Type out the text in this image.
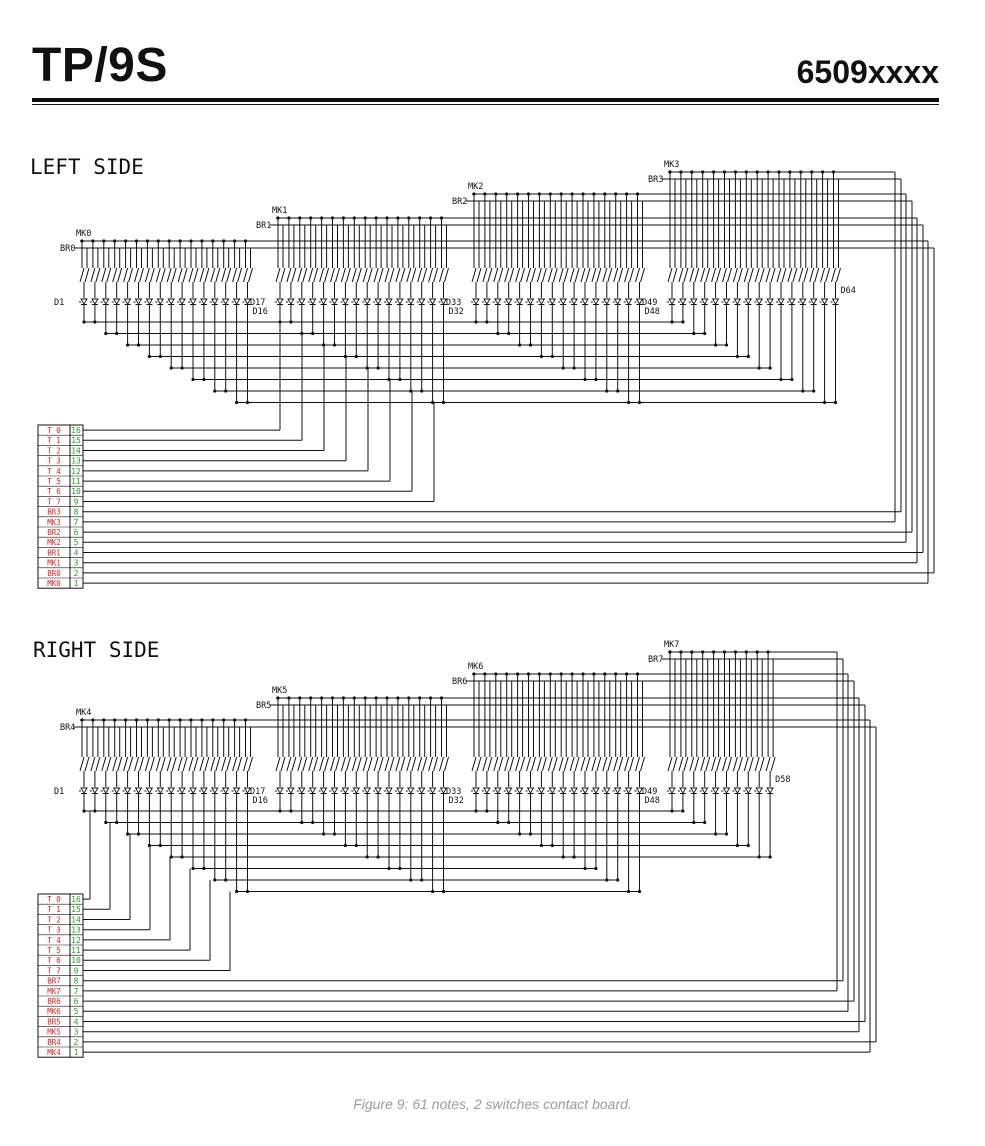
TP/9S	6509xxxx
LEFT SIDE
MK0
BR0
MK1
BR1
MK2
BR2
MK3
BR3
D1
D16
D17
D32
D33
D48
D49
D64
T 0 16
T 1 15
T 2 14
T 3 13
T 4 12
T 5 11
T 6 10
T 7 9
BR3 8
MK3 7
BR2 6
MK2 5
BR1 4
MK1 3
BR0 2
MK0 1
RIGHT SIDE
MK4
BR4
MK5
BR5
MK6
BR6
MK7
BR7
D1
D16
D17
D32
D33
D48
D49
D58
T 0 16
T 1 15
T 2 14
T 3 13
T 4 12
T 5 11
T 6 10
T 7 9
BR7 8
MK7 7
BR6 6
MK6 5
BR5 4
MK5 3
BR4 2
MK4 1
Figure 9: 61 notes, 2 switches contact board.
